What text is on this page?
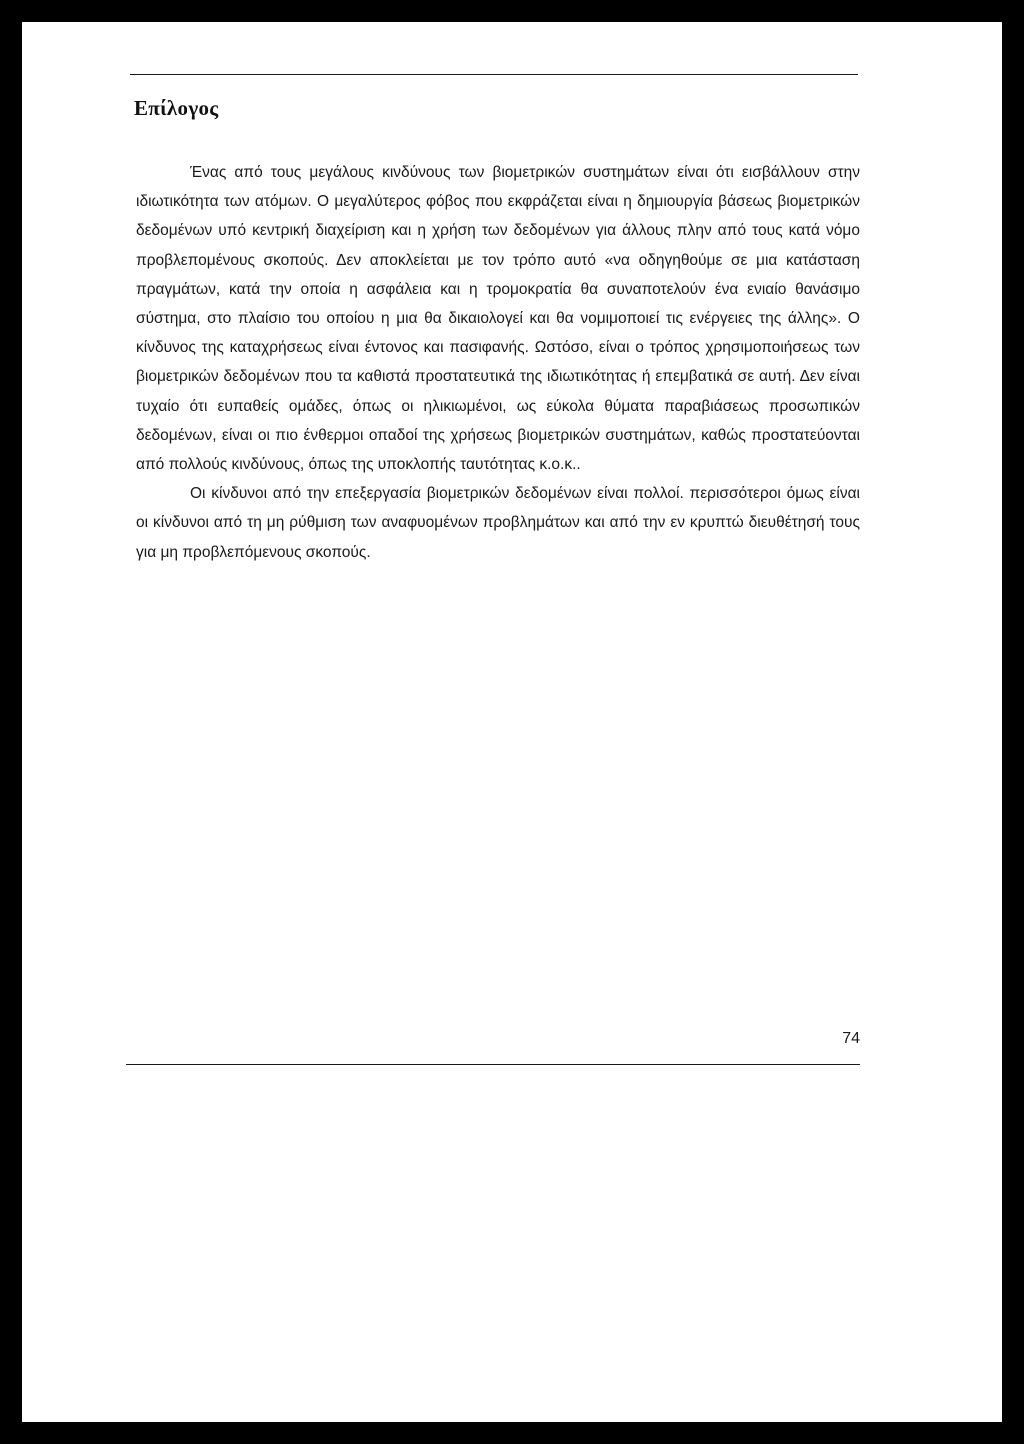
Επίλογος

Ένας από τους μεγάλους κινδύνους των βιομετρικών συστημάτων είναι ότι εισβάλλουν στην ιδιωτικότητα των ατόμων. Ο μεγαλύτερος φόβος που εκφράζεται είναι η δημιουργία βάσεως βιομετρικών δεδομένων υπό κεντρική διαχείριση και η χρήση των δεδομένων για άλλους πλην από τους κατά νόμο προβλεπομένους σκοπούς. Δεν αποκλείεται με τον τρόπο αυτό «να οδηγηθούμε σε μια κατάσταση πραγμάτων, κατά την οποία η ασφάλεια και η τρομοκρατία θα συναποτελούν ένα ενιαίο θανάσιμο σύστημα, στο πλαίσιο του οποίου η μια θα δικαιολογεί και θα νομιμοποιεί τις ενέργειες της άλλης». Ο κίνδυνος της καταχρήσεως είναι έντονος και πασιφανής. Ωστόσο, είναι ο τρόπος χρησιμοποιήσεως των βιομετρικών δεδομένων που τα καθιστά προστατευτικά της ιδιωτικότητας ή επεμβατικά σε αυτή. Δεν είναι τυχαίο ότι ευπαθείς ομάδες, όπως οι ηλικιωμένοι, ως εύκολα θύματα παραβιάσεως προσωπικών δεδομένων, είναι οι πιο ένθερμοι οπαδοί της χρήσεως βιομετρικών συστημάτων, καθώς προστατεύονται από πολλούς κινδύνους, όπως της υποκλοπής ταυτότητας κ.ο.κ..

Οι κίνδυνοι από την επεξεργασία βιομετρικών δεδομένων είναι πολλοί. περισσότεροι όμως είναι οι κίνδυνοι από τη μη ρύθμιση των αναφυομένων προβλημάτων και από την εν κρυπτώ διευθέτησή τους για μη προβλεπόμενους σκοπούς.

74
